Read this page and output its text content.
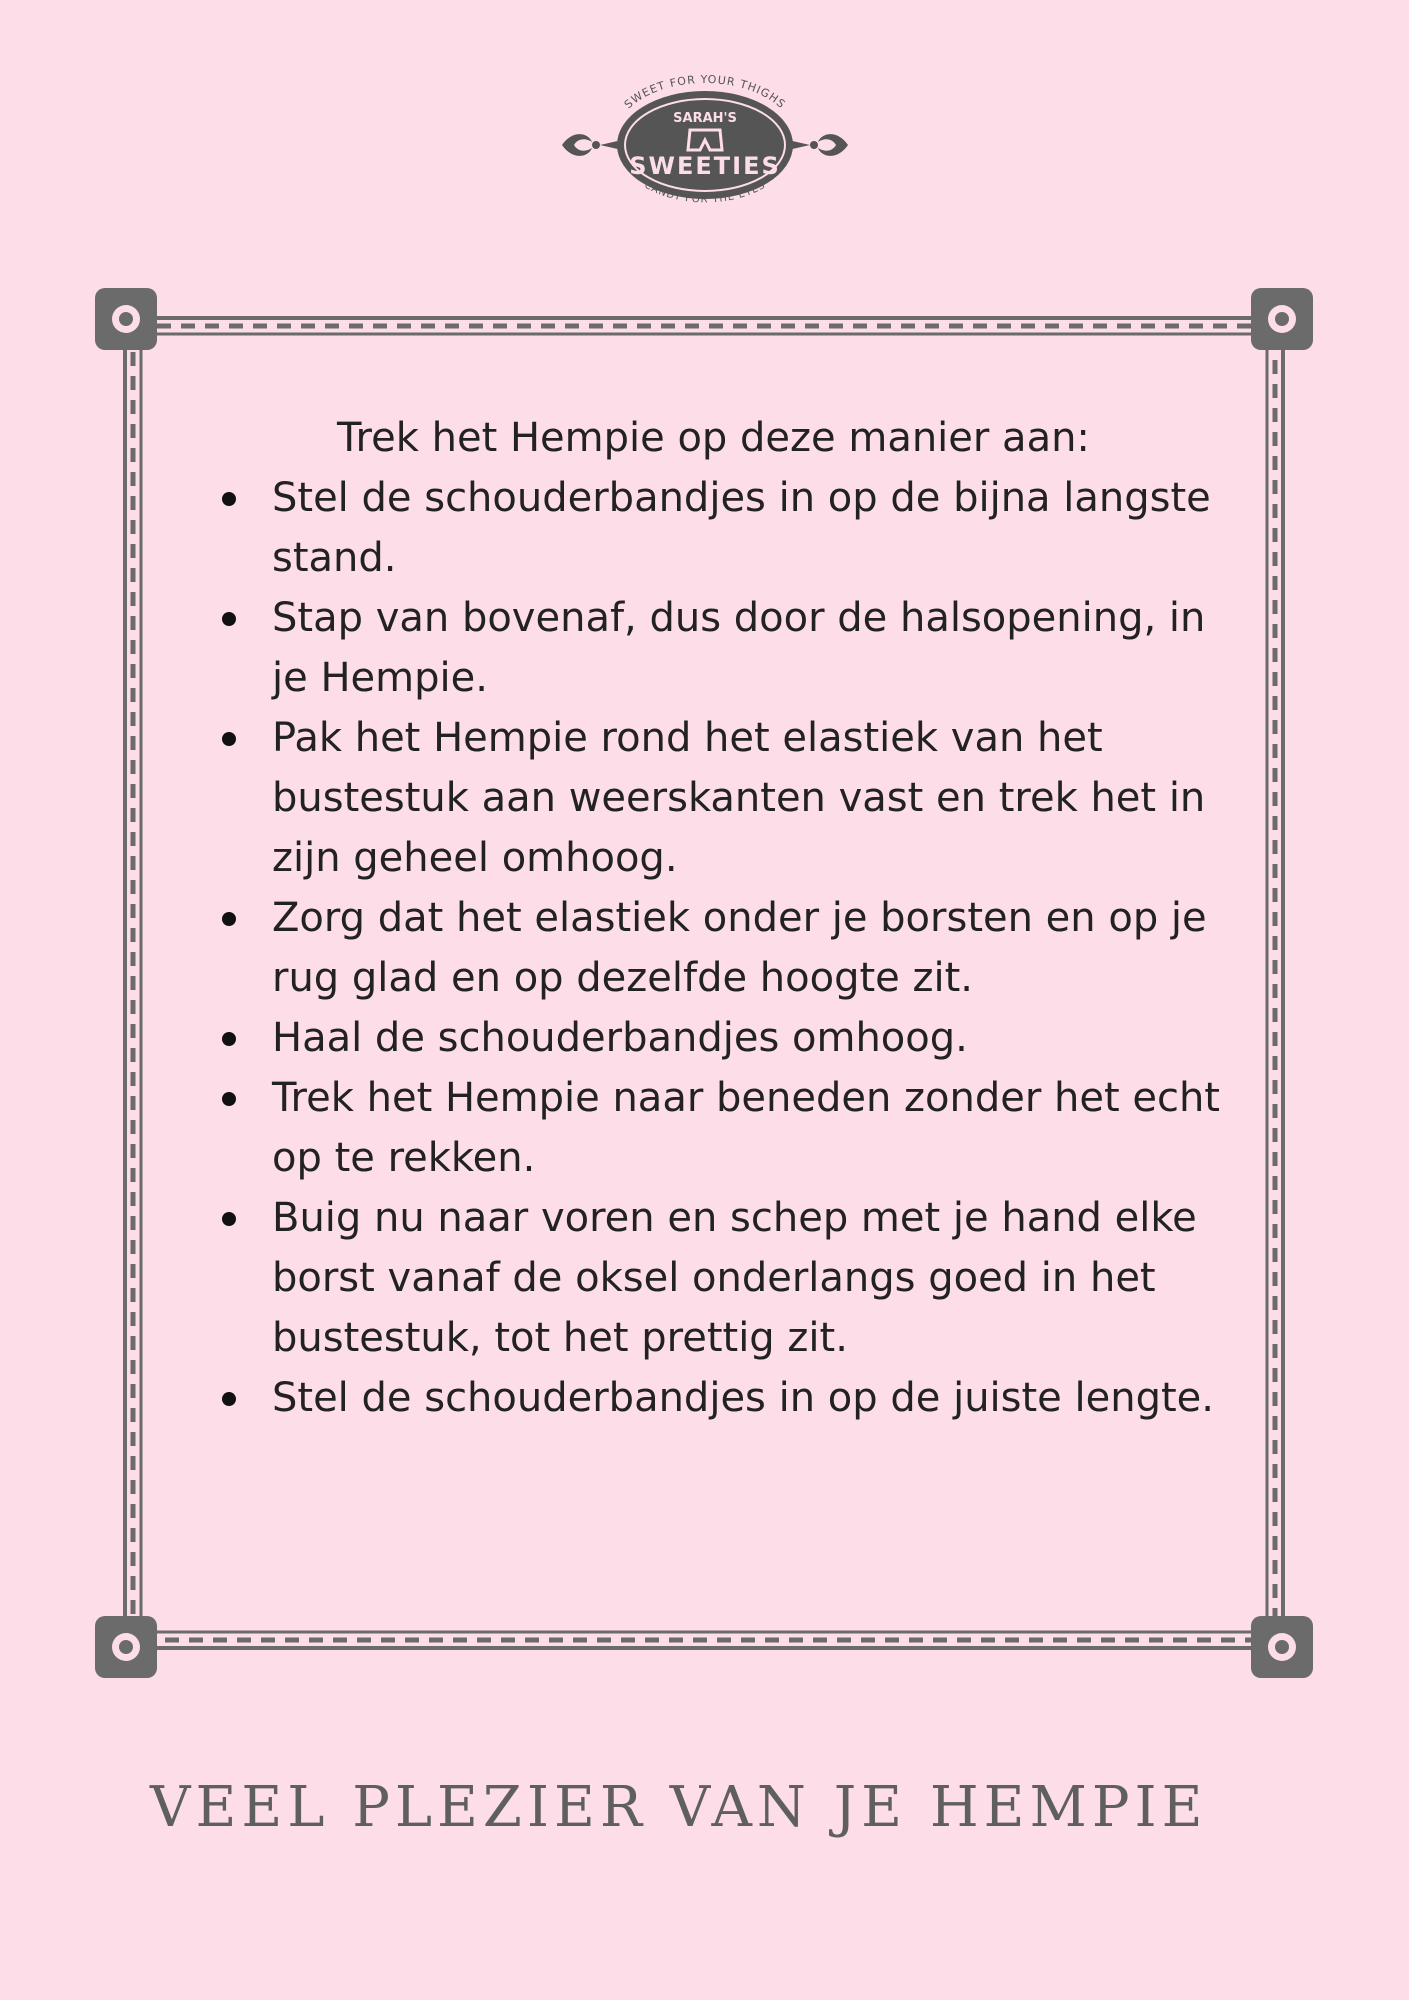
SWEET FOR YOUR THIGHS
CANDY FOR THE EYES
SARAH'S
SWEETIES

Trek het Hempie op deze manier aan:

Stel de schouderbandjes in op de bijna langste
stand.
Stap van bovenaf, dus door de halsopening, in
je Hempie.
Pak het Hempie rond het elastiek van het
bustestuk aan weerskanten vast en trek het in
zijn geheel omhoog.
Zorg dat het elastiek onder je borsten en op je
rug glad en op dezelfde hoogte zit.
Haal de schouderbandjes omhoog.
Trek het Hempie naar beneden zonder het echt
op te rekken.
Buig nu naar voren en schep met je hand elke
borst vanaf de oksel onderlangs goed in het
bustestuk, tot het prettig zit.
Stel de schouderbandjes in op de juiste lengte.
VEEL PLEZIER VAN JE HEMPIE
